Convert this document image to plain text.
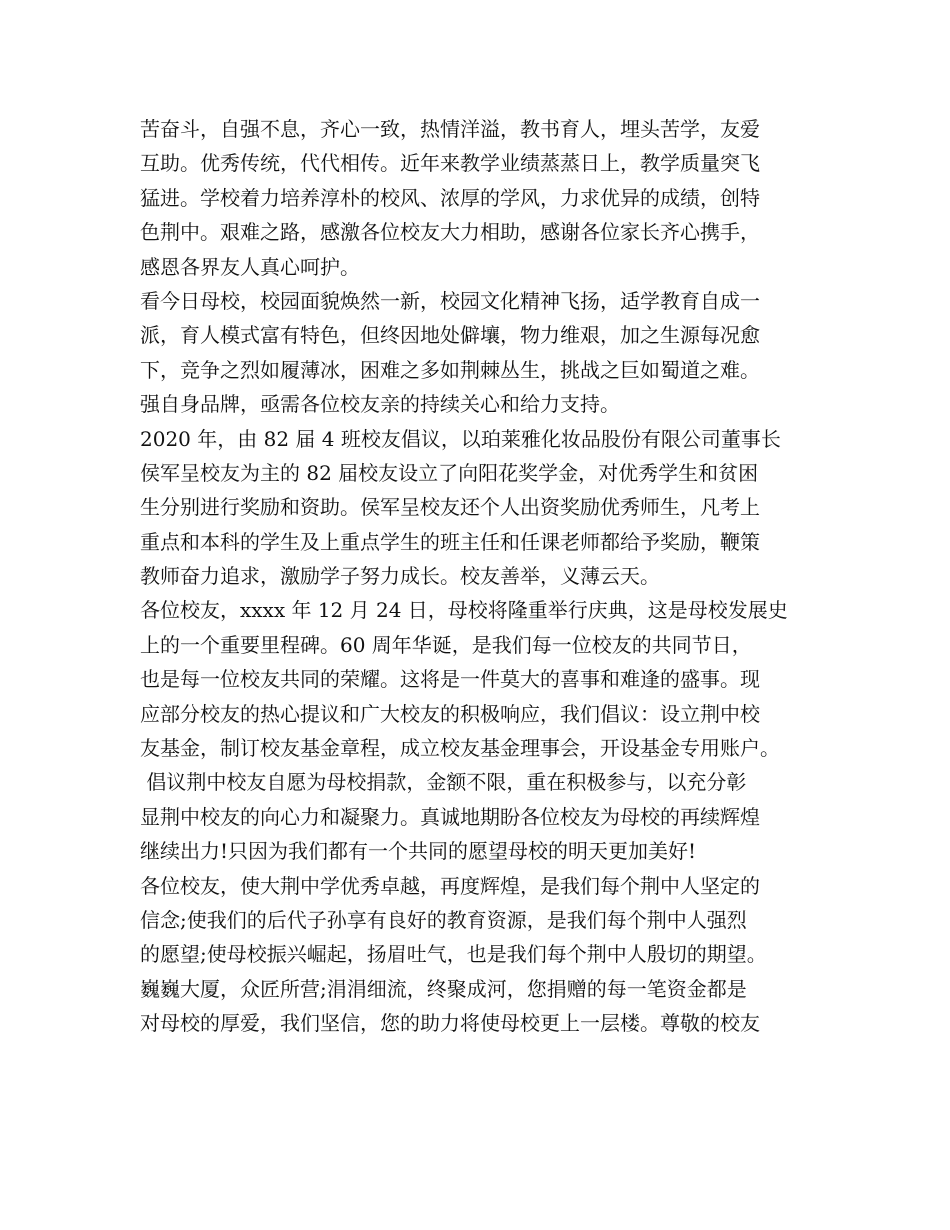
苦奋斗，自强不息，齐心一致，热情洋溢，教书育人，埋头苦学，友爱
互助。优秀传统，代代相传。近年来教学业绩蒸蒸日上，教学质量突飞
猛进。学校着力培养淳朴的校风、浓厚的学风，力求优异的成绩，创特
色荆中。艰难之路，感激各位校友大力相助，感谢各位家长齐心携手，
感恩各界友人真心呵护。
看今日母校，校园面貌焕然一新，校园文化精神飞扬，适学教育自成一
派，育人模式富有特色，但终因地处僻壤，物力维艰，加之生源每况愈
下，竞争之烈如履薄冰，困难之多如荆棘丛生，挑战之巨如蜀道之难。
强自身品牌，亟需各位校友亲的持续关心和给力支持。
2020 年，由 82 届 4 班校友倡议，以珀莱雅化妆品股份有限公司董事长
侯军呈校友为主的 82 届校友设立了向阳花奖学金，对优秀学生和贫困
生分别进行奖励和资助。侯军呈校友还个人出资奖励优秀师生，凡考上
重点和本科的学生及上重点学生的班主任和任课老师都给予奖励，鞭策
教师奋力追求，激励学子努力成长。校友善举，义薄云天。
各位校友，xxxx 年 12 月 24 日，母校将隆重举行庆典，这是母校发展史
上的一个重要里程碑。60 周年华诞，是我们每一位校友的共同节日，
也是每一位校友共同的荣耀。这将是一件莫大的喜事和难逢的盛事。现
应部分校友的热心提议和广大校友的积极响应，我们倡议：设立荆中校
友基金，制订校友基金章程，成立校友基金理事会，开设基金专用账户。
倡议荆中校友自愿为母校捐款，金额不限，重在积极参与，以充分彰
显荆中校友的向心力和凝聚力。真诚地期盼各位校友为母校的再续辉煌
继续出力!只因为我们都有一个共同的愿望母校的明天更加美好!
各位校友，使大荆中学优秀卓越，再度辉煌，是我们每个荆中人坚定的
信念;使我们的后代子孙享有良好的教育资源，是我们每个荆中人强烈
的愿望;使母校振兴崛起，扬眉吐气，也是我们每个荆中人殷切的期望。
巍巍大厦，众匠所营;涓涓细流，终聚成河，您捐赠的每一笔资金都是
对母校的厚爱，我们坚信，您的助力将使母校更上一层楼。尊敬的校友
